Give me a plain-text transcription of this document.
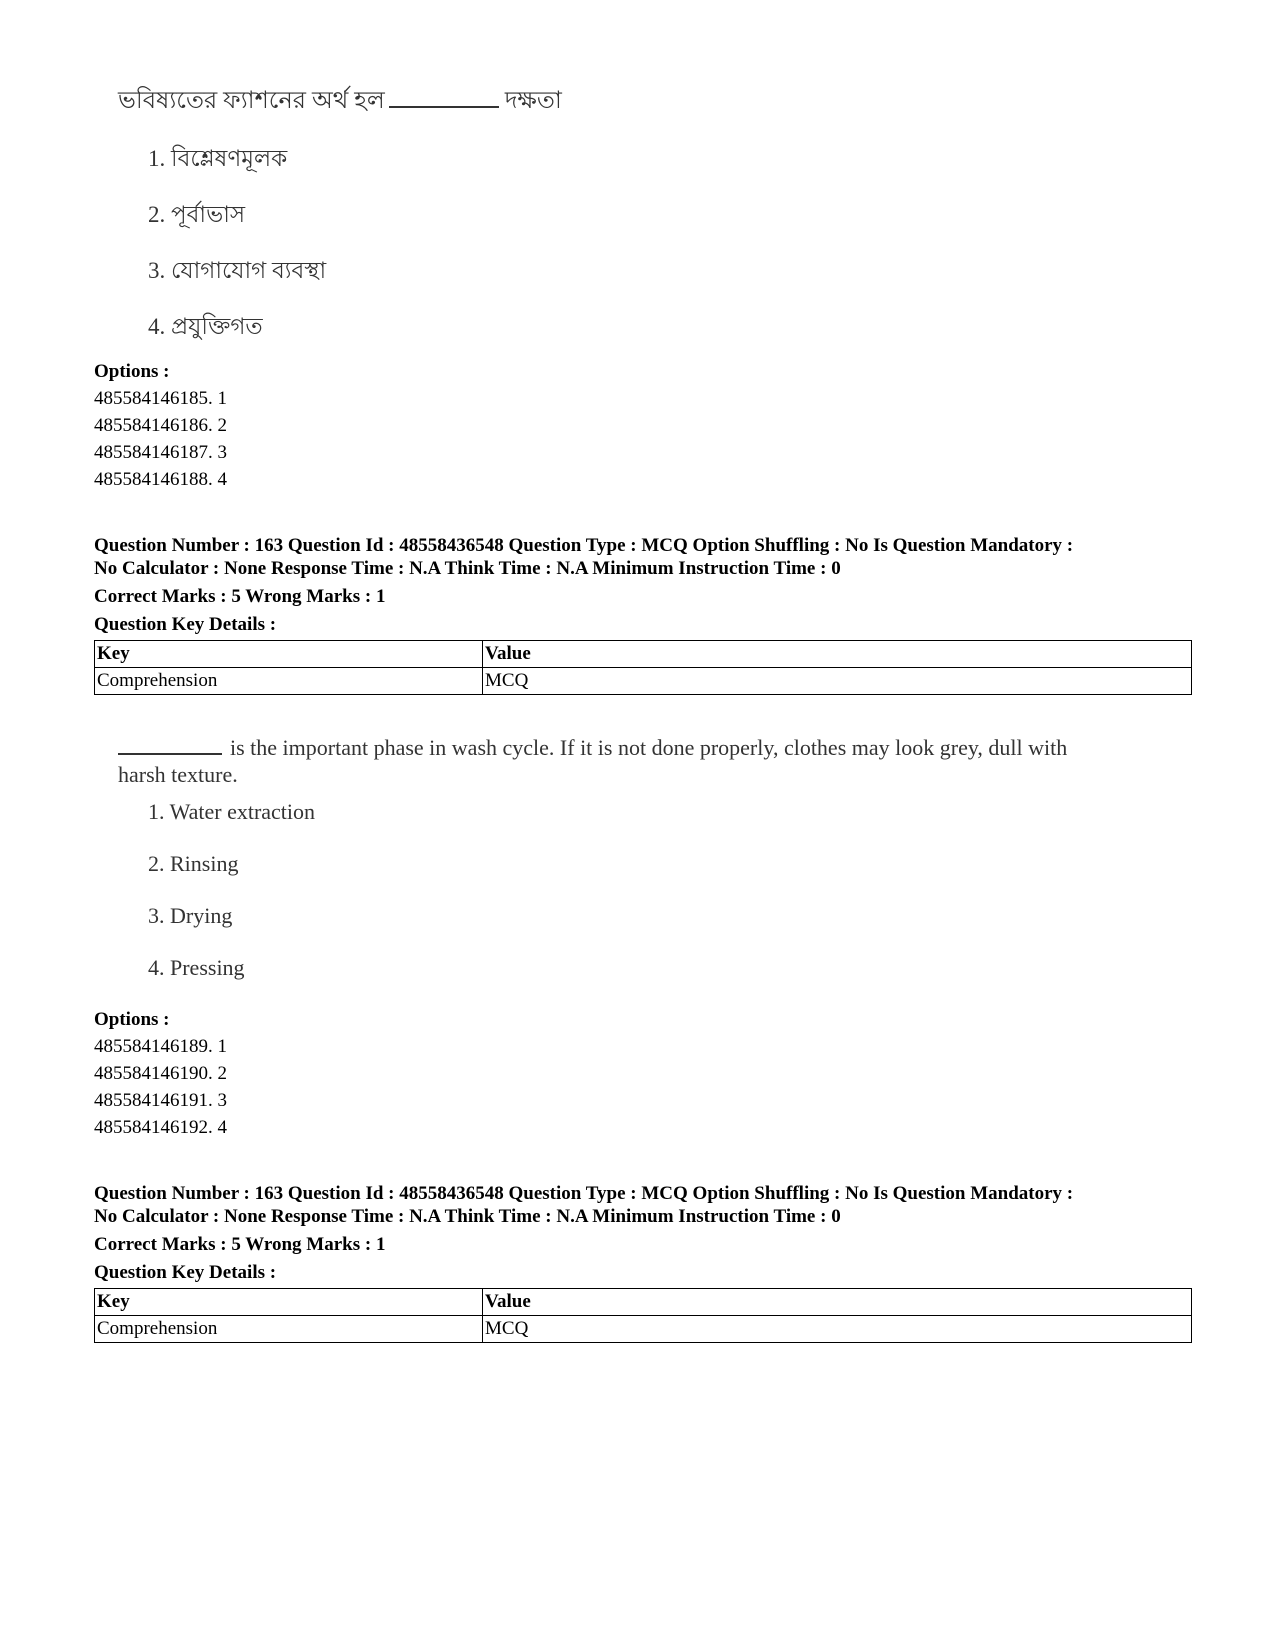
ভবিষ্যতের ফ্যাশনের অর্থ হল	দক্ষতা
1. বিশ্লেষণমূলক
2. পূর্বাভাস
3. যোগাযোগ ব্যবস্থা
4. প্রযুক্তিগত
Options :
485584146185. 1
485584146186. 2
485584146187. 3
485584146188. 4
Question Number : 163 Question Id : 48558436548 Question Type : MCQ Option Shuffling : No Is Question Mandatory :
No Calculator : None Response Time : N.A Think Time : N.A Minimum Instruction Time : 0
Correct Marks : 5 Wrong Marks : 1
Question Key Details :
Key	Value
Comprehension	MCQ
is the important phase in wash cycle. If it is not done properly, clothes may look grey, dull with
harsh texture.
1. Water extraction
2. Rinsing
3. Drying
4. Pressing
Options :
485584146189. 1
485584146190. 2
485584146191. 3
485584146192. 4
Question Number : 163 Question Id : 48558436548 Question Type : MCQ Option Shuffling : No Is Question Mandatory :
No Calculator : None Response Time : N.A Think Time : N.A Minimum Instruction Time : 0
Correct Marks : 5 Wrong Marks : 1
Question Key Details :
Key	Value
Comprehension	MCQ
